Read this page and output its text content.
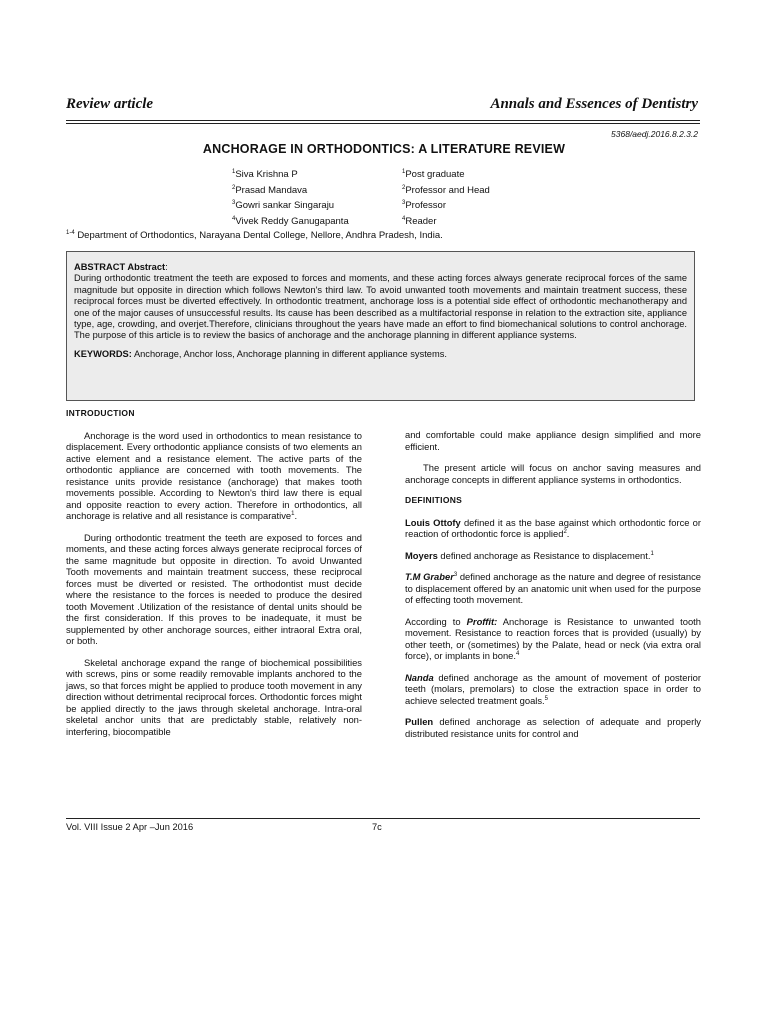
Review article	Annals and Essences of Dentistry
5368/aedj.2016.8.2.3.2
ANCHORAGE IN ORTHODONTICS: A LITERATURE REVIEW
$^1$Siva Krishna P
$^2$Prasad Mandava
$^3$Gowri sankar Singaraju
$^4$Vivek Reddy Ganugapanta
$^1$Post graduate
$^2$Professor and Head
$^3$Professor
$^4$Reader
$^{1-4}$ Department of Orthodontics, Narayana Dental College, Nellore, Andhra Pradesh, India.
ABSTRACT Abstract:
During orthodontic treatment the teeth are exposed to forces and moments, and these acting forces always generate reciprocal forces of the same magnitude but opposite in direction which follows Newton's third law. To avoid unwanted tooth movements and maintain treatment success, these reciprocal forces must be diverted effectively. In orthodontic treatment, anchorage loss is a potential side effect of orthodontic mechanotherapy and one of the major causes of unsuccessful results. Its cause has been described as a multifactorial response in relation to the extraction site, appliance type, age, crowding, and overjet.Therefore, clinicians throughout the years have made an effort to find biomechanical solutions to control anchorage. The purpose of this article is to review the basics of anchorage and the anchorage planning in different appliance systems.
KEYWORDS: Anchorage, Anchor loss, Anchorage planning in different appliance systems.
INTRODUCTION

Anchorage is the word used in orthodontics to mean resistance to displacement. Every orthodontic appliance consists of two elements an active element and a resistance element. The active parts of the orthodontic appliance are concerned with tooth movements. The resistance units provide resistance (anchorage) that makes tooth movements possible. According to Newton's third law there is equal and opposite reaction to every action. Therefore in orthodontics, all anchorage is relative and all resistance is comparative$^1$.

During orthodontic treatment the teeth are exposed to forces and moments, and these acting forces always generate reciprocal forces of the same magnitude but opposite in direction. To avoid Unwanted Tooth movements and maintain treatment success, these reciprocal forces must be diverted or resisted. The orthodontist must decide where the resistance to the forces is needed to produce the desired tooth Movement .Utilization of the resistance of dental units should be the first consideration. If this proves to be inadequate, it must be supplemented by other anchorage sources, either intraoral Extra oral, or both.

Skeletal anchorage expand the range of biochemical possibilities with screws, pins or some readily removable implants anchored to the jaws, so that forces might be applied to produce tooth movement in any direction without detrimental reciprocal forces. Orthodontic forces might be applied directly to the jaws through skeletal anchorage. Intra-oral skeletal anchor units that are predictably stable, relatively non-interfering, biocompatible

and comfortable could make appliance design simplified and more efficient.

The present article will focus on anchor saving measures and anchorage concepts in different appliance systems in orthodontics.

DEFINITIONS

Louis Ottofy defined it as the base against which orthodontic force or reaction of orthodontic force is applied$^2$.

Moyers defined anchorage as Resistance to displacement.$^1$

T.M Graber$^3$ defined anchorage as the nature and degree of resistance to displacement offered by an anatomic unit when used for the purpose of effecting tooth movement.

According to Proffit: Anchorage is Resistance to unwanted tooth movement. Resistance to reaction forces that is provided (usually) by other teeth, or (sometimes) by the Palate, head or neck (via extra oral force), or implants in bone.$^4$

Nanda defined anchorage as the amount of movement of posterior teeth (molars, premolars) to close the extraction space in order to achieve selected treatment goals.$^5$

Pullen defined anchorage as selection of adequate and properly distributed resistance units for control and

Vol. VIII Issue 2 Apr –Jun 2016	7c
